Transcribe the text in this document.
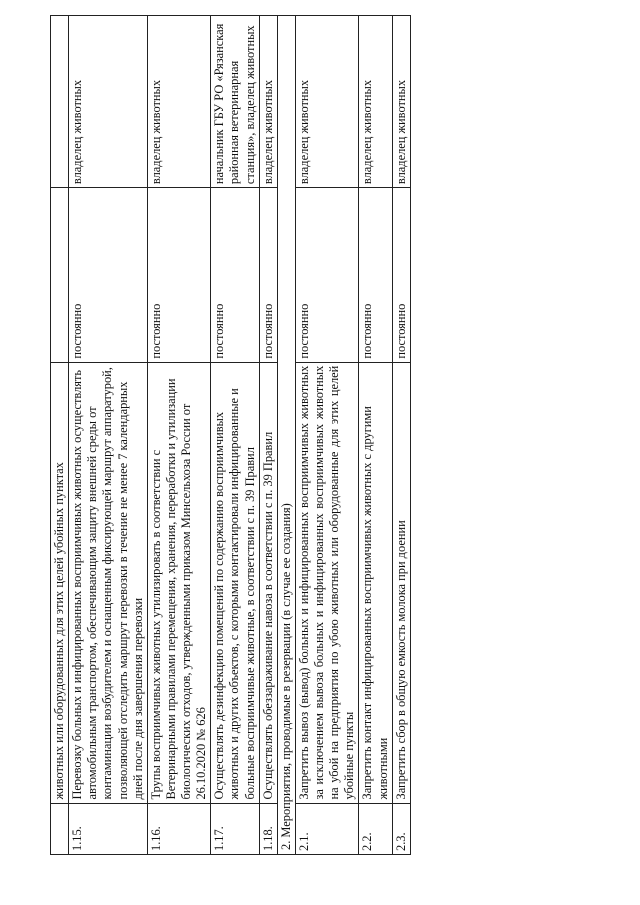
	животных или оборудованных для этих целей убойных пунктах		
1.15.	Перевозку больных и инфицированных восприимчивых животных осуществлять автомобильным транспортом, обеспечивающим защиту внешней среды от контаминации возбудителем и оснащенным фиксирующей маршрут аппаратурой, позволяющей отследить маршрут перевозки в течение не менее 7 календарных дней после дня завершения перевозки	постоянно	владелец животных
1.16.	Трупы восприимчивых животных утилизировать в соответствии с Ветеринарными правилами перемещения, хранения, переработки и утилизации биологических отходов, утвержденными приказом Минсельхоза России от 26.10.2020 № 626	постоянно	владелец животных
1.17.	Осуществлять дезинфекцию помещений по содержанию восприимчивых животных и других объектов, с которыми контактировали инфицированные и больные восприимчивые животные, в соответствии с п. 39 Правил	постоянно	начальник ГБУ РО «Рязанская районная ветеринарная станция», владелец животных
1.18.	Осуществлять обеззараживание навоза в соответствии с п. 39 Правил	постоянно	владелец животных
2. Мероприятия, проводимые в резервации (в случае ее создания)			
2.1.	Запретить вывоз (вывод) больных и инфицированных восприимчивых животных за исключением вывоза больных и инфицированных восприимчивых животных на убой на предприятия по убою животных или оборудованные для этих целей убойные пункты	постоянно	владелец животных
2.2.	Запретить контакт инфицированных восприимчивых животных с другими животными	постоянно	владелец животных
2.3.	Запретить сбор в общую емкость молока при доении	постоянно	владелец животных
